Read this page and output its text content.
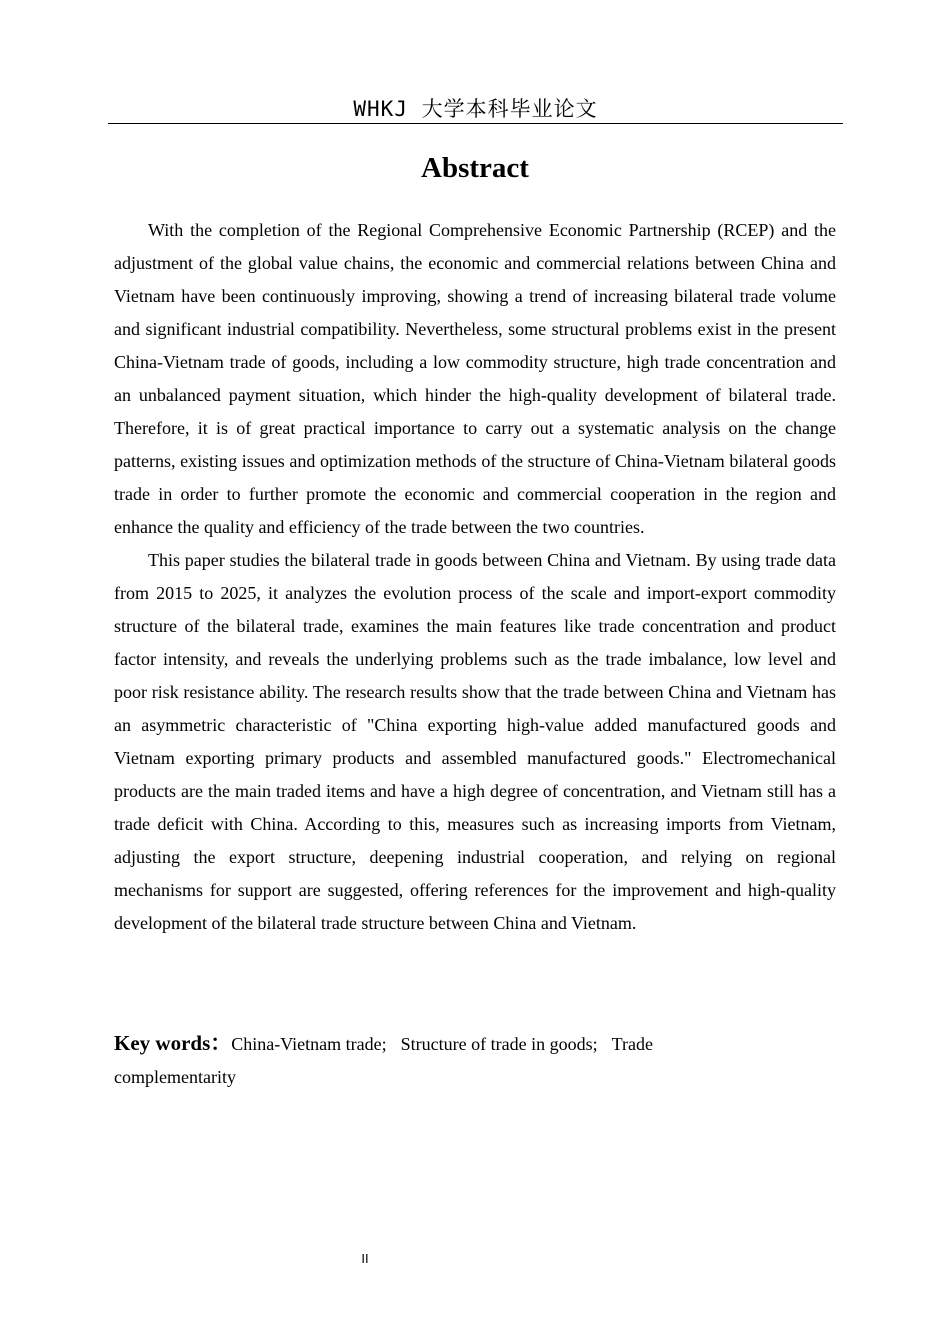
WHKJ 大学本科毕业论文
Abstract

With the completion of the Regional Comprehensive Economic Partnership (RCEP) and the adjustment of the global value chains, the economic and commercial relations between China and Vietnam have been continuously improving, showing a trend of increasing bilateral trade volume and significant industrial compatibility. Nevertheless, some structural problems exist in the present China-Vietnam trade of goods, including a low commodity structure, high trade concentration and an unbalanced payment situation, which hinder the high-quality development of bilateral trade. Therefore, it is of great practical importance to carry out a systematic analysis on the change patterns, existing issues and optimization methods of the structure of China-Vietnam bilateral goods trade in order to further promote the economic and commercial cooperation in the region and enhance the quality and efficiency of the trade between the two countries.

This paper studies the bilateral trade in goods between China and Vietnam. By using trade data from 2015 to 2025, it analyzes the evolution process of the scale and import-export commodity structure of the bilateral trade, examines the main features like trade concentration and product factor intensity, and reveals the underlying problems such as the trade imbalance, low level and poor risk resistance ability. The research results show that the trade between China and Vietnam has an asymmetric characteristic of "China exporting high-value added manufactured goods and Vietnam exporting primary products and assembled manufactured goods." Electromechanical products are the main traded items and have a high degree of concentration, and Vietnam still has a trade deficit with China. According to this, measures such as increasing imports from Vietnam, adjusting the export structure, deepening industrial cooperation, and relying on regional mechanisms for support are suggested, offering references for the improvement and high-quality development of the bilateral trade structure between China and Vietnam.

Key words：China-Vietnam trade; Structure of trade in goods; Trade complementarity
II
